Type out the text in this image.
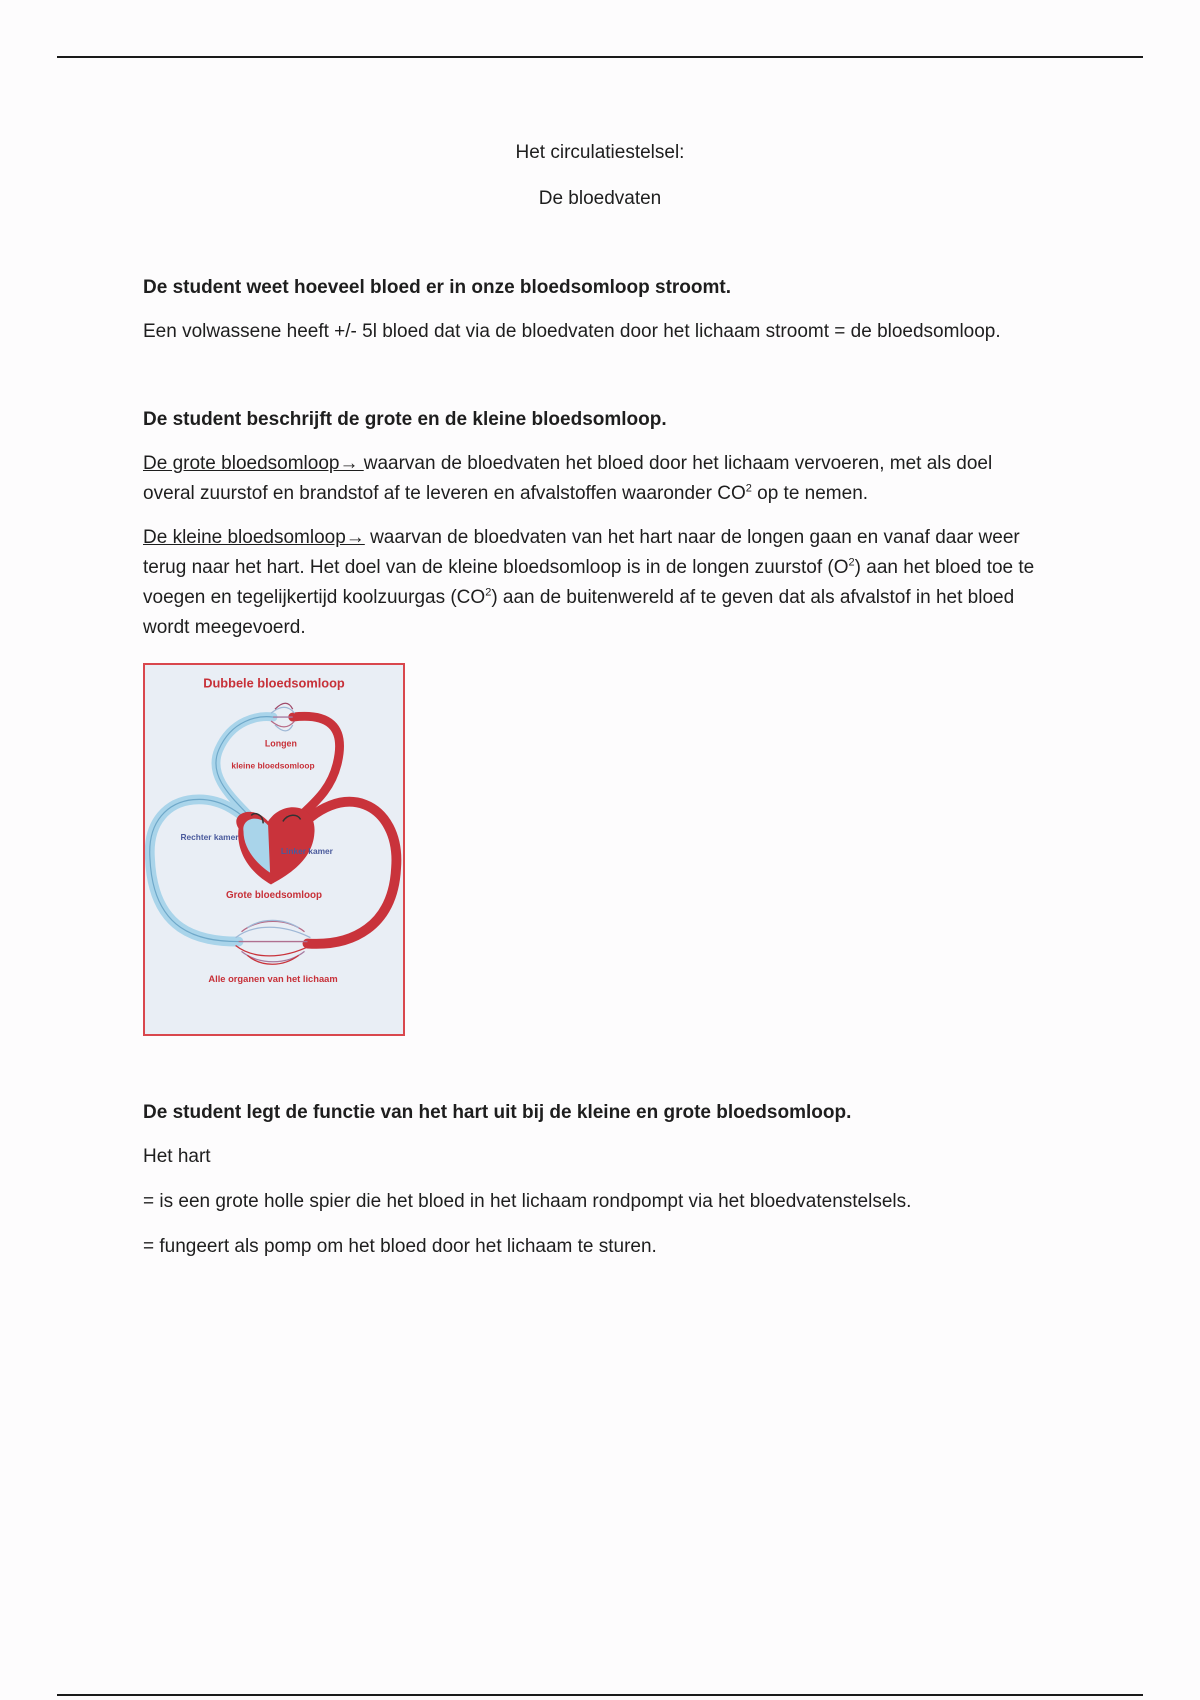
Het circulatiestelsel:
De bloedvaten
De student weet hoeveel bloed er in onze bloedsomloop stroomt.

Een volwassene heeft +/- 5l bloed dat via de bloedvaten door het lichaam stroomt = de bloedsomloop.

De student beschrijft de grote en de kleine bloedsomloop.

De grote bloedsomloop→ waarvan de bloedvaten het bloed door het lichaam vervoeren, met als doel overal zuurstof en brandstof af te leveren en afvalstoffen waaronder $CO^2$ op te nemen.

De kleine bloedsomloop→ waarvan de bloedvaten van het hart naar de longen gaan en vanaf daar weer terug naar het hart. Het doel van de kleine bloedsomloop is in de longen zuurstof $(O^2)$ aan het bloed toe te voegen en tegelijkertijd koolzuurgas $(CO^2)$ aan de buitenwereld af te geven dat als afvalstof in het bloed wordt meegevoerd.

Dubbele bloedsomloop
Longen
kleine bloedsomloop
Rechter kamer
Linker kamer
Grote bloedsomloop
Alle organen van het lichaam
De student legt de functie van het hart uit bij de kleine en grote bloedsomloop.

Het hart

= is een grote holle spier die het bloed in het lichaam rondpompt via het bloedvatenstelsels.

= fungeert als pomp om het bloed door het lichaam te sturen.
